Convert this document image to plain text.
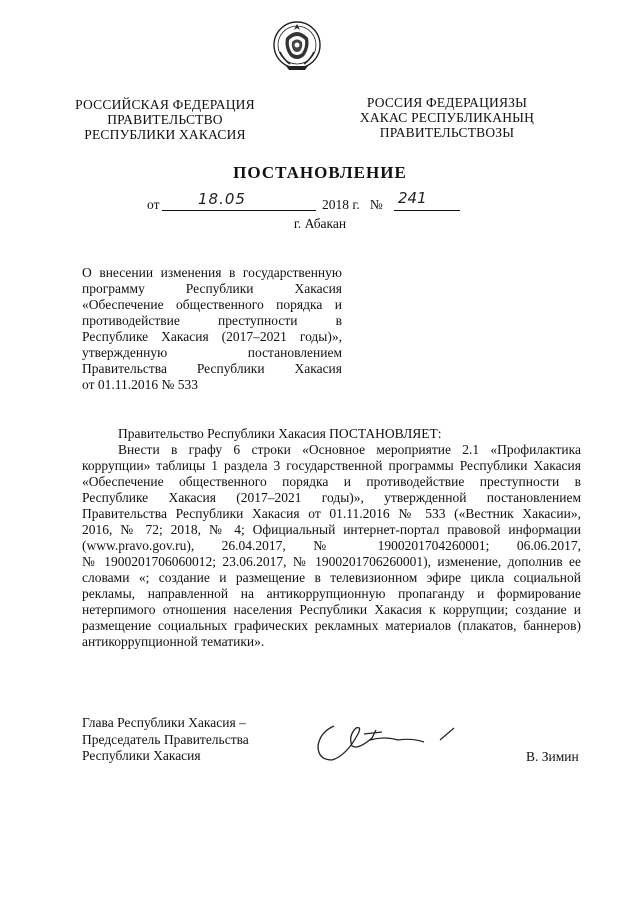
РОССИЙСКАЯ ФЕДЕРАЦИЯ
ПРАВИТЕЛЬСТВО
РЕСПУБЛИКИ ХАКАСИЯ
РОССИЯ ФЕДЕРАЦИЯЗЫ
ХАКАС РЕСПУБЛИКАНЫҢ
ПРАВИТЕЛЬСТВОЗЫ
ПОСТАНОВЛЕНИЕ
от	18.05	2018 г. № 241
г. Абакан
О внесении изменения в государственную
программу Республики Хакасия
«Обеспечение общественного порядка и
противодействие преступности в
Республике Хакасия (2017–2021 годы)»,
утвержденную постановлением
Правительства Республики Хакасия
от 01.11.2016 № 533
Правительство Республики Хакасия ПОСТАНОВЛЯЕТ:
Внести в графу 6 строки «Основное мероприятие 2.1 «Профилактика
коррупции» таблицы 1 раздела 3 государственной программы Республики Хакасия
«Обеспечение общественного порядка и противодействие преступности в
Республике Хакасия (2017–2021 годы)», утвержденной постановлением
Правительства Республики Хакасия от 01.11.2016 № 533 («Вестник Хакасии»,
2016, № 72; 2018, № 4; Официальный интернет-портал правовой информации
(www.pravo.gov.ru), 26.04.2017, № 1900201704260001; 06.06.2017,
№ 1900201706060012; 23.06.2017, № 1900201706260001), изменение, дополнив ее
словами «; создание и размещение в телевизионном эфире цикла социальной
рекламы, направленной на антикоррупционную пропаганду и формирование
нетерпимого отношения населения Республики Хакасия к коррупции; создание и
размещение социальных графических рекламных материалов (плакатов, баннеров)
антикоррупционной тематики».
Глава Республики Хакасия –
Председатель Правительства
Республики Хакасия	В. Зимин
